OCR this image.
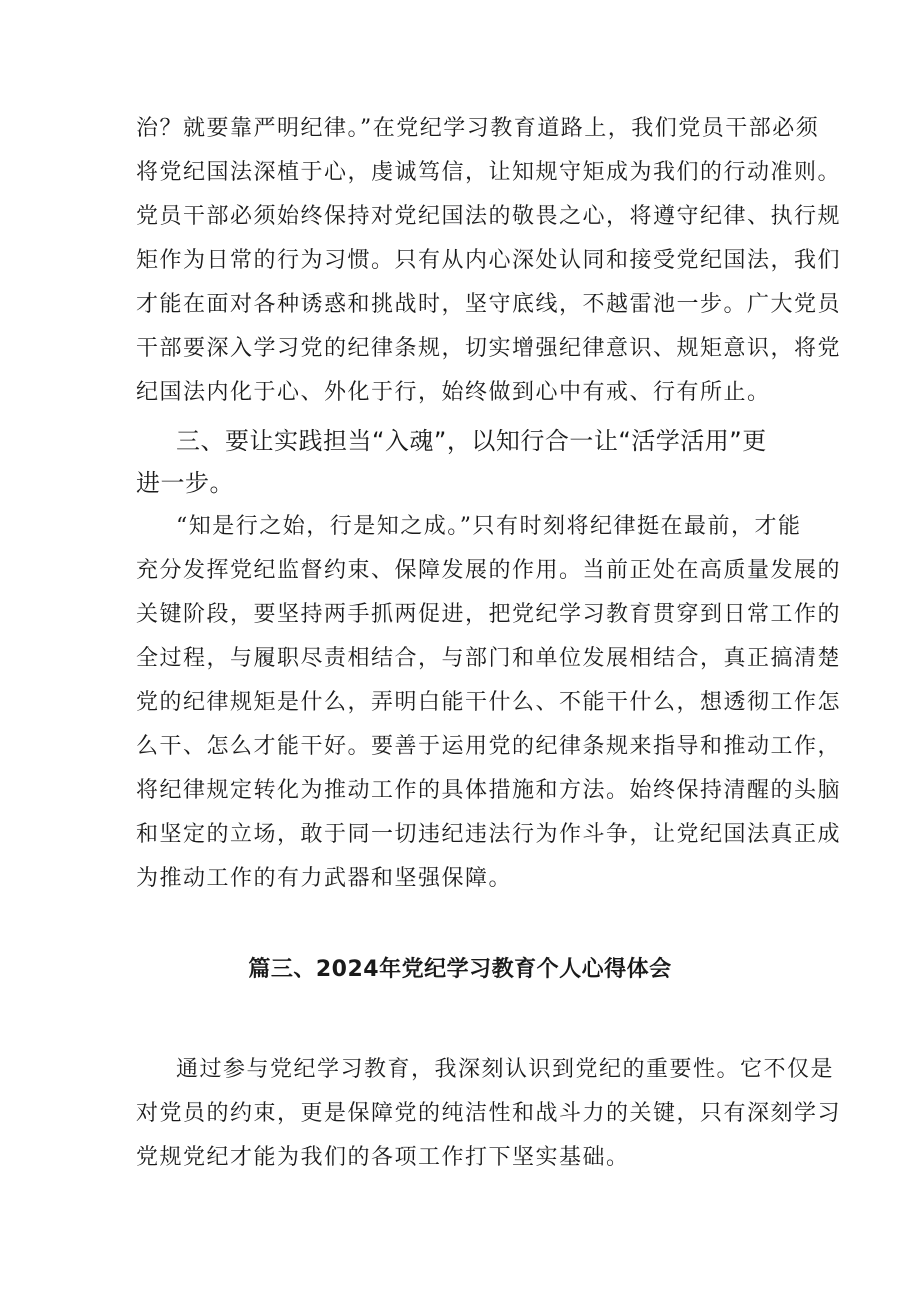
治？就要靠严明纪律。”在党纪学习教育道路上，我们党员干部必须
将党纪国法深植于心，虔诚笃信，让知规守矩成为我们的行动准则。
党员干部必须始终保持对党纪国法的敬畏之心，将遵守纪律、执行规
矩作为日常的行为习惯。只有从内心深处认同和接受党纪国法，我们
才能在面对各种诱惑和挑战时，坚守底线，不越雷池一步。广大党员
干部要深入学习党的纪律条规，切实增强纪律意识、规矩意识，将党
纪国法内化于心、外化于行，始终做到心中有戒、行有所止。
三、要让实践担当“入魂”，以知行合一让“活学活用”更
进一步。
“知是行之始，行是知之成。”只有时刻将纪律挺在最前，才能
充分发挥党纪监督约束、保障发展的作用。当前正处在高质量发展的
关键阶段，要坚持两手抓两促进，把党纪学习教育贯穿到日常工作的
全过程，与履职尽责相结合，与部门和单位发展相结合，真正搞清楚
党的纪律规矩是什么，弄明白能干什么、不能干什么，想透彻工作怎
么干、怎么才能干好。要善于运用党的纪律条规来指导和推动工作，
将纪律规定转化为推动工作的具体措施和方法。始终保持清醒的头脑
和坚定的立场，敢于同一切违纪违法行为作斗争，让党纪国法真正成
为推动工作的有力武器和坚强保障。
篇三、2024年党纪学习教育个人心得体会
通过参与党纪学习教育，我深刻认识到党纪的重要性。它不仅是
对党员的约束，更是保障党的纯洁性和战斗力的关键，只有深刻学习
党规党纪才能为我们的各项工作打下坚实基础。
